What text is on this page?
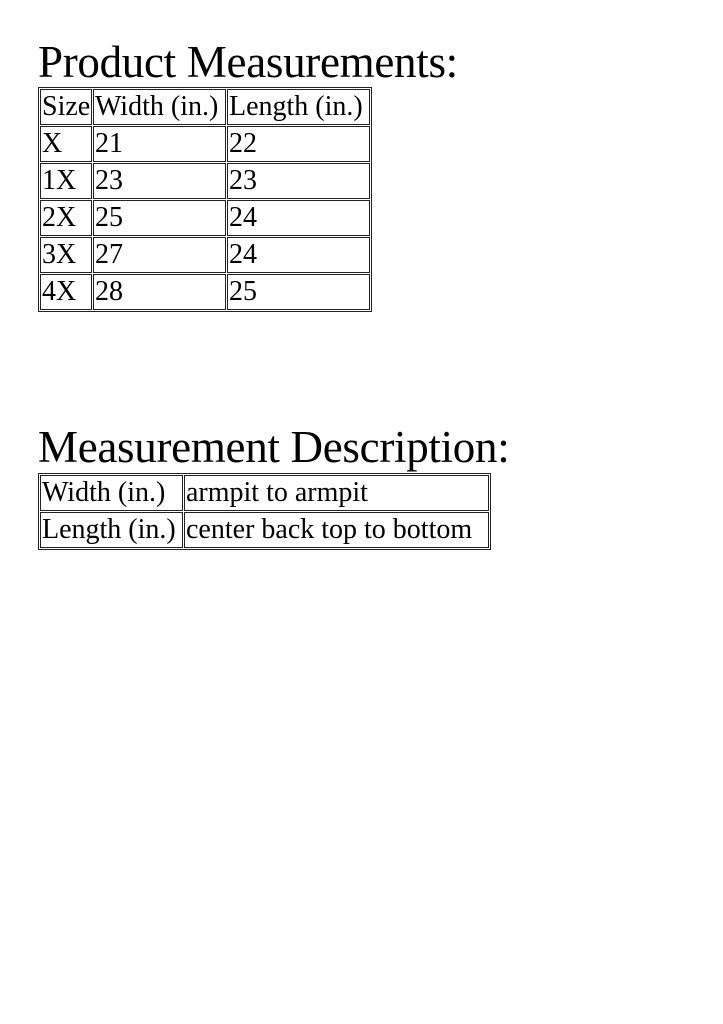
Product Measurements:
Size	Width (in.)	Length (in.)
X	21	22
1X	23	23
2X	25	24
3X	27	24
4X	28	25
Measurement Description:
Width (in.)	armpit to armpit
Length (in.)	center back top to bottom
